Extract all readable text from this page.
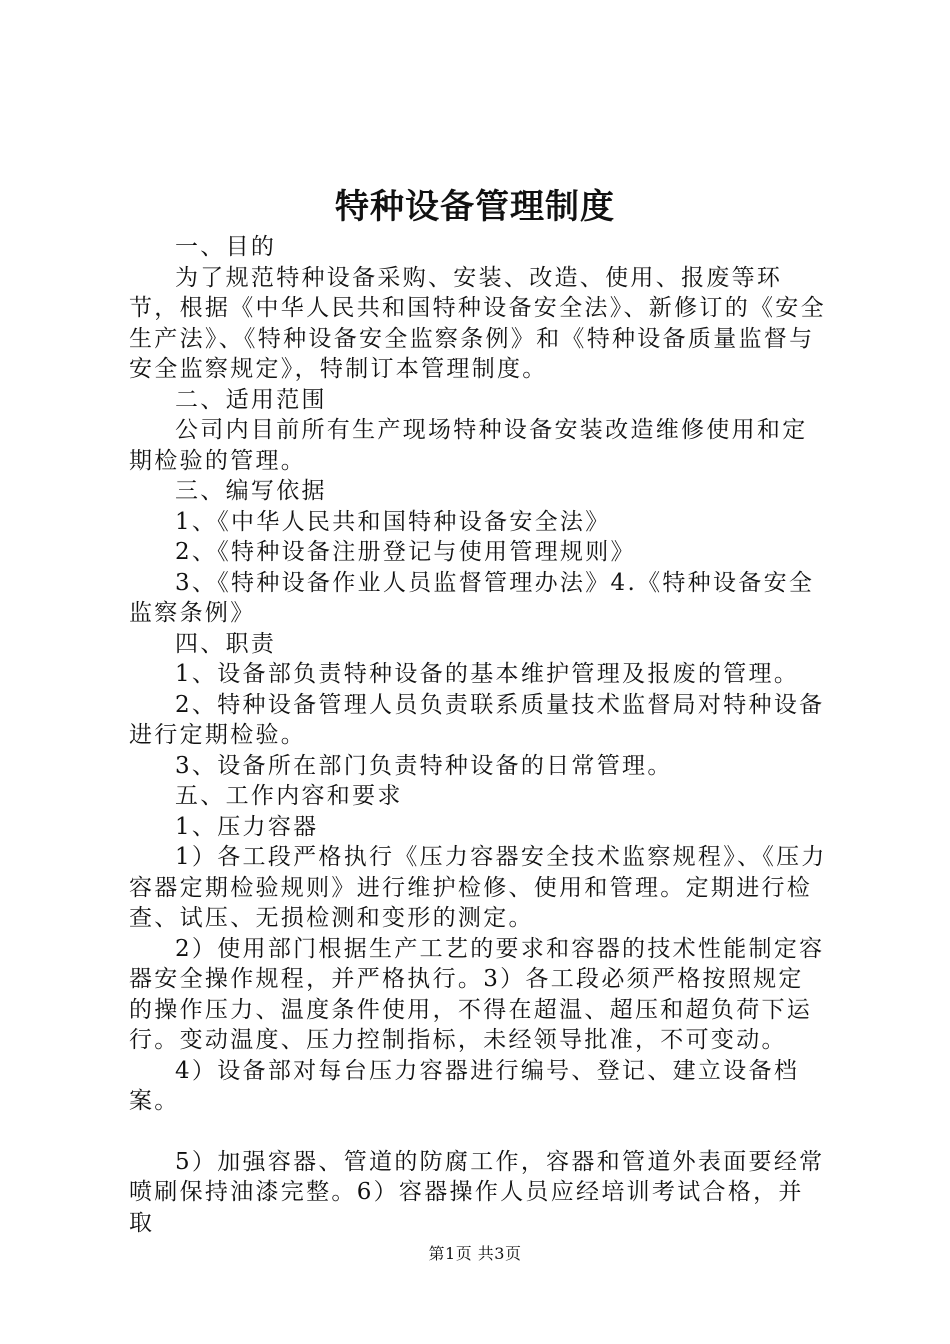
特种设备管理制度

一、目的

为了规范特种设备采购、安装、改造、使用、报废等环节，根据《中华人民共和国特种设备安全法》、新修订的《安全生产法》、《特种设备安全监察条例》和《特种设备质量监督与安全监察规定》，特制订本管理制度。

二、适用范围

公司内目前所有生产现场特种设备安装改造维修使用和定期检验的管理。

三、编写依据

1、《中华人民共和国特种设备安全法》

2、《特种设备注册登记与使用管理规则》

3、《特种设备作业人员监督管理办法》4.《特种设备安全监察条例》

四、职责

1、设备部负责特种设备的基本维护管理及报废的管理。

2、特种设备管理人员负责联系质量技术监督局对特种设备进行定期检验。

3、设备所在部门负责特种设备的日常管理。

五、工作内容和要求

1、压力容器

1）各工段严格执行《压力容器安全技术监察规程》、《压力容器定期检验规则》进行维护检修、使用和管理。定期进行检查、试压、无损检测和变形的测定。

2）使用部门根据生产工艺的要求和容器的技术性能制定容器安全操作规程，并严格执行。3）各工段必须严格按照规定的操作压力、温度条件使用，不得在超温、超压和超负荷下运行。变动温度、压力控制指标，未经领导批准，不可变动。

4）设备部对每台压力容器进行编号、登记、建立设备档案。

5）加强容器、管道的防腐工作，容器和管道外表面要经常喷刷保持油漆完整。6）容器操作人员应经培训考试合格，并取

第1页 共3页
